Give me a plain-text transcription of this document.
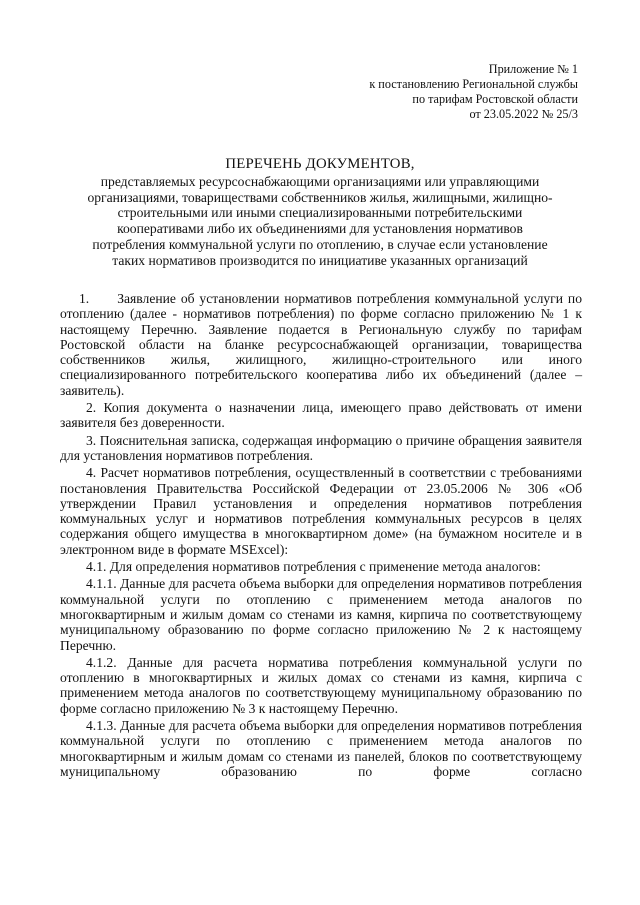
Приложение № 1
к постановлению Региональной службы
по тарифам Ростовской области
от 23.05.2022 № 25/3
ПЕРЕЧЕНЬ ДОКУМЕНТОВ,
представляемых ресурсоснабжающими организациями или управляющими
организациями, товариществами собственников жилья, жилищными, жилищно-
строительными или иными специализированными потребительскими
кооперативами либо их объединениями для установления нормативов
потребления коммунальной услуги по отоплению, в случае если установление
таких нормативов производится по инициативе указанных организаций

1. Заявление об установлении нормативов потребления коммунальной услуги по отоплению (далее - нормативов потребления) по форме согласно приложению № 1 к настоящему Перечню. Заявление подается в Региональную службу по тарифам Ростовской области на бланке ресурсоснабжающей организации, товарищества собственников жилья, жилищного, жилищно-строительного или иного специализированного потребительского кооператива либо их объединений (далее – заявитель).

2. Копия документа о назначении лица, имеющего право действовать от имени заявителя без доверенности.

3. Пояснительная записка, содержащая информацию о причине обращения заявителя для установления нормативов потребления.

4. Расчет нормативов потребления, осуществленный в соответствии с требованиями постановления Правительства Российской Федерации от 23.05.2006 № 306 «Об утверждении Правил установления и определения нормативов потребления коммунальных услуг и нормативов потребления коммунальных ресурсов в целях содержания общего имущества в многоквартирном доме» (на бумажном носителе и в электронном виде в формате MSExcel):

4.1. Для определения нормативов потребления с применение метода аналогов:

4.1.1. Данные для расчета объема выборки для определения нормативов потребления коммунальной услуги по отоплению с применением метода аналогов по многоквартирным и жилым домам со стенами из камня, кирпича по соответствующему муниципальному образованию по форме согласно приложению № 2 к настоящему Перечню.

4.1.2. Данные для расчета норматива потребления коммунальной услуги по отоплению в многоквартирных и жилых домах со стенами из камня, кирпича с применением метода аналогов по соответствующему муниципальному образованию по форме согласно приложению № 3 к настоящему Перечню.

4.1.3. Данные для расчета объема выборки для определения нормативов потребления коммунальной услуги по отоплению с применением метода аналогов по многоквартирным и жилым домам со стенами из панелей, блоков по соответствующему муниципальному образованию по форме согласно
